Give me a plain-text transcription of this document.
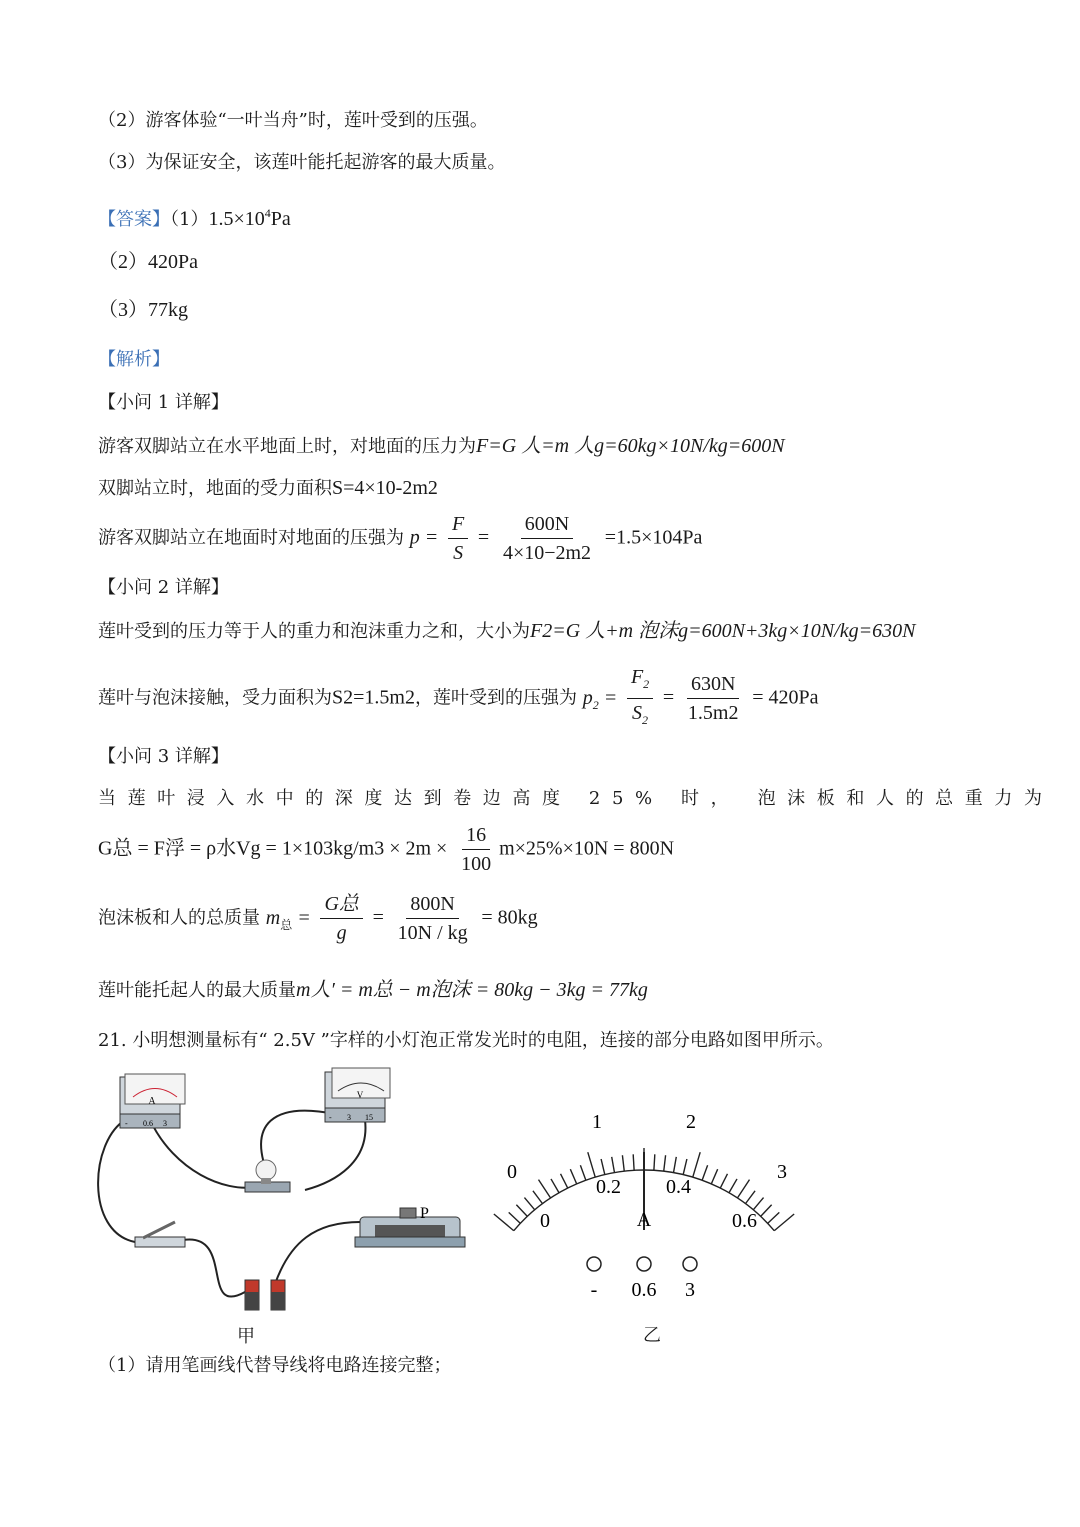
（2）游客体验“一叶当舟”时，莲叶受到的压强。
（3）为保证安全，该莲叶能托起游客的最大质量。
【答案】$(1)1.5\times 10^4Pa$
（2）420Pa
（3）77kg
【解析】
【小问 1 详解】
游客双脚站立在水平地面上时，对地面的压力为F=G 人=m 人g=60kg×10N/kg=600N
双脚站立时，地面的受力面积S=4×10-2m2
游客双脚站立在地面时对地面的压强为 $p = \frac{F}{S} = \frac{600N}{4\times 10-2m2} =1.5\times 104Pa$
【小问 2 详解】
莲叶受到的压力等于人的重力和泡沫重力之和，大小为F2=G 人+m 泡沫g=600N+3kg×10N/kg=630N
莲叶与泡沫接触，受力面积为S2=1.5m2，莲叶受到的压强为 $p_2 = \frac{F_2}{S_2} = \frac{630N}{1.5m2} = 420Pa$
【小问 3 详解】
当莲叶浸入水中的深度达到卷边高度 25% 时， 泡沫板和人的总重力为
G总 = F浮 = ρ水$Vg = 1\times 103kg/m3 \times 2m \times \frac{16}{100} m\times 25\%\times 10N = 800N$
泡沫板和人的总质量 $m_总 = \frac{\text{G总}}{g} = \frac{800N}{10N / kg} = 80kg$
莲叶能托起人的最大质量m人′ = m总 − m泡沫 = 80kg − 3kg = 77kg
21. 小明想测量标有“ 2.5V ”字样的小灯泡正常发光时的电阻，连接的部分电路如图甲所示。
A
- 0.6 3
V
- 3 15
P
甲
0
1	2
3
0
0.2 0.4
0.6
A
- 0.6 3
乙
（1）请用笔画线代替导线将电路连接完整；
